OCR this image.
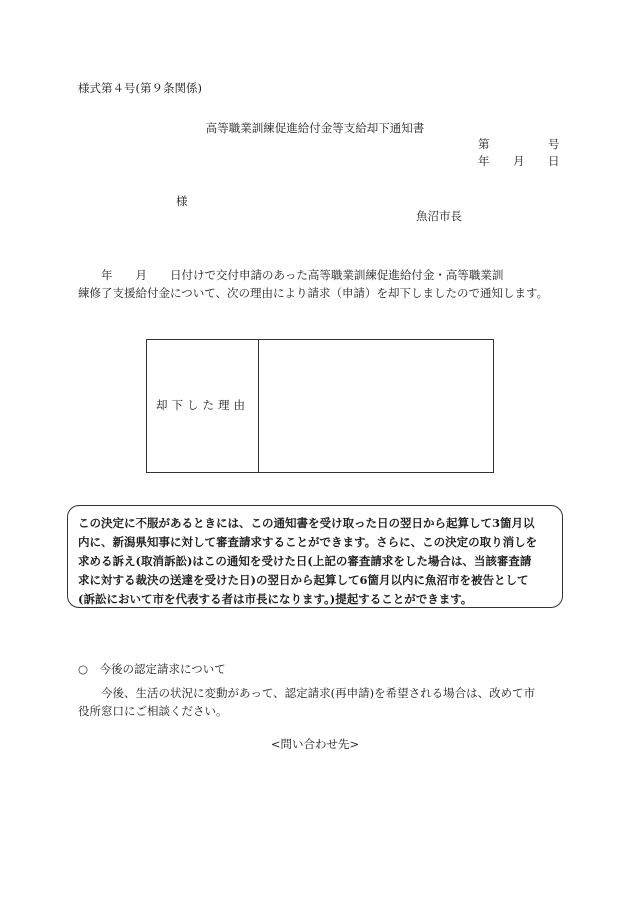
様式第４号(第９条関係)
高等職業訓練促進給付金等支給却下通知書
第	号
年 月 日
様
魚沼市長
　　年　　月　　日付けで交付申請のあった高等職業訓練促進給付金・高等職業訓
練修了支援給付金について、次の理由により請求（申請）を却下しましたので通知します。
却下した理由
この決定に不服があるときには、この通知書を受け取った日の翌日から起算して3箇月以
内に、新潟県知事に対して審査請求することができます。さらに、この決定の取り消しを
求める訴え(取消訴訟)はこの通知を受けた日(上記の審査請求をした場合は、当該審査請
求に対する裁決の送達を受けた日)の翌日から起算して6箇月以内に魚沼市を被告として
(訴訟において市を代表する者は市長になります。)提起することができます。
○　今後の認定請求について
　　今後、生活の状況に変動があって、認定請求(再申請)を希望される場合は、改めて市
役所窓口にご相談ください。
<問い合わせ先>
